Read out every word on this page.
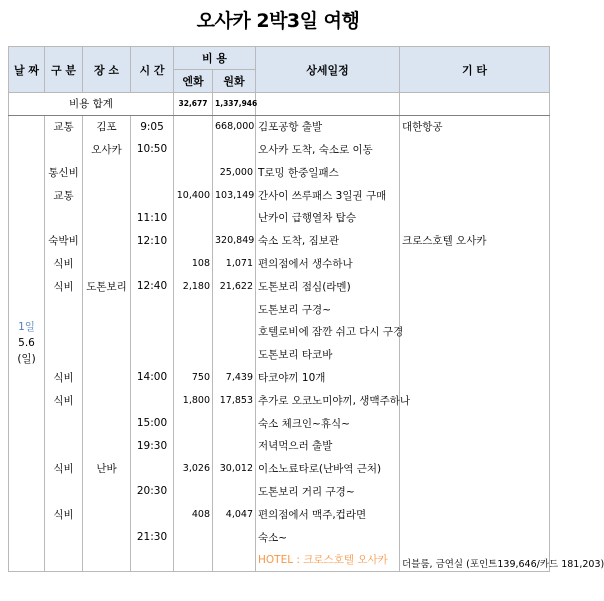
오사카 2박3일 여행
날 짜	구 분	장 소	시 간	비 용		상세일정	기 타
				엔화	원화		
비용 합계				32,677	1,337,946		

1일
5.6
(일)	교통	김포	9:05		668,000	김포공항 출발	대한항공
		오사카	10:50			오사카 도착, 숙소로 이동	
	통신비				25,000	T로밍 한중일패스	
	교통			10,400	103,149	간사이 쓰루패스 3일권 구매	
			11:10			난카이 급행열차 탑승	
	숙박비		12:10		320,849	숙소 도착, 짐보관	크로스호텔 오사카
	식비			108	1,071	편의점에서 생수하나	
	식비	도톤보리	12:40	2,180	21,622	도톤보리 점심(라멘)	
						도톤보리 구경~	
						호텔로비에 잠깐 쉬고 다시 구경	
						도톤보리 타코바	
	식비		14:00	750	7,439	타코야끼 10개	
	식비			1,800	17,853	추가로 오코노미야끼, 생맥주하나	
			15:00			숙소 체크인~휴식~	
			19:30			저녁먹으러 출발	
	식비	난바		3,026	30,012	이소노료타로(난바역 근처)	
			20:30			도톤보리 거리 구경~	
	식비			408	4,047	편의점에서 맥주,컵라면	
			21:30			숙소~	
						HOTEL : 크로스호텔 오사카	더블룸, 금연실 (포인트139,646/카드 181,203)
